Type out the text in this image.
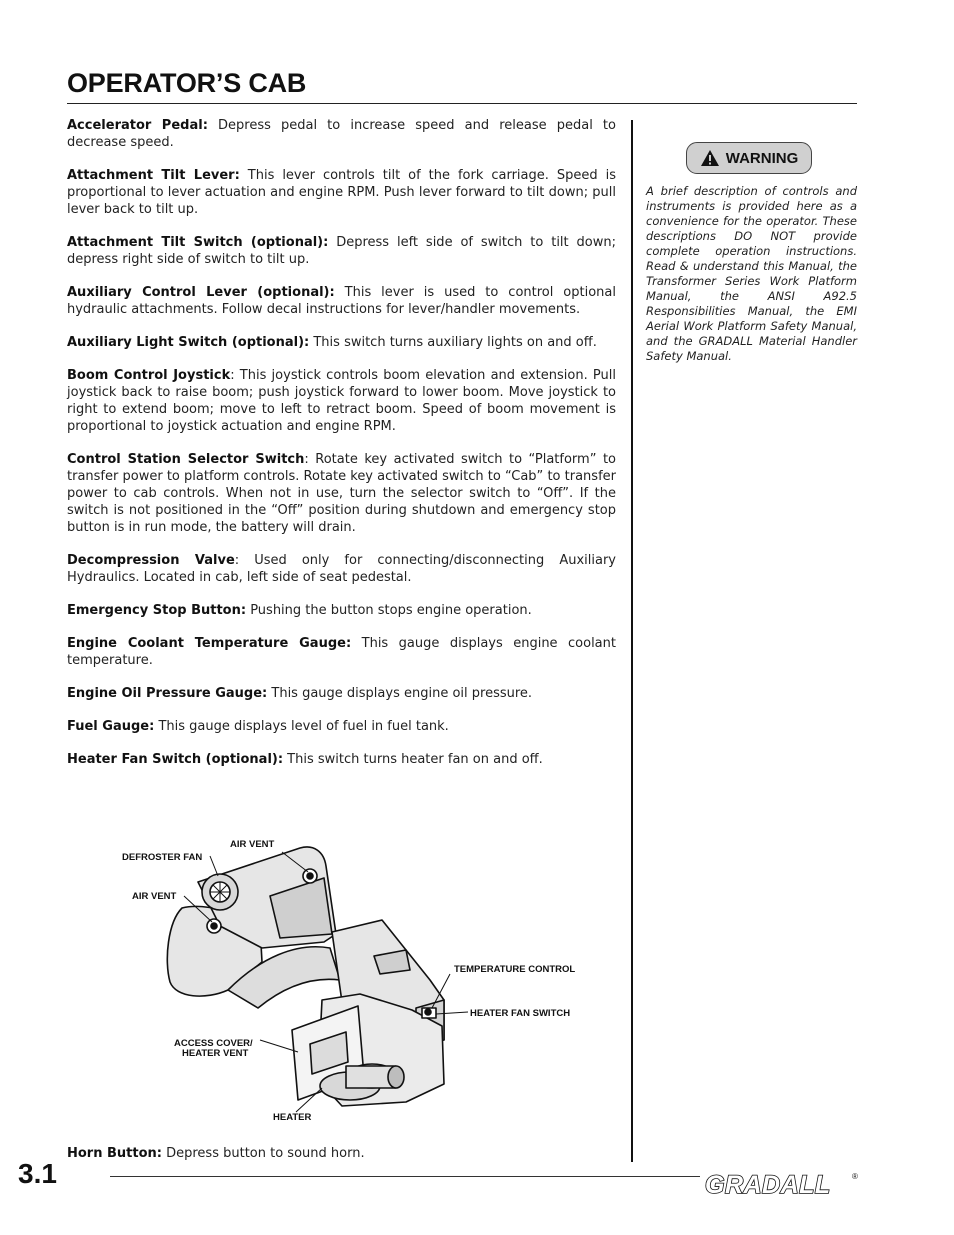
OPERATOR’S CAB

Accelerator Pedal: Depress pedal to increase speed and release pedal to decrease speed.

Attachment Tilt Lever: This lever controls tilt of the fork carriage. Speed is proportional to lever actuation and engine RPM. Push lever forward to tilt down; pull lever back to tilt up.

Attachment Tilt Switch (optional): Depress left side of switch to tilt down; depress right side of switch to tilt up.

Auxiliary Control Lever (optional): This lever is used to control optional hydraulic attachments. Follow decal instructions for lever/handler movements.

Auxiliary Light Switch (optional): This switch turns auxiliary lights on and off.

Boom Control Joystick: This joystick controls boom elevation and extension. Pull joystick back to raise boom; push joystick forward to lower boom. Move joystick to right to extend boom; move to left to retract boom. Speed of boom movement is proportional to joystick actuation and engine RPM.

Control Station Selector Switch: Rotate key activated switch to “Platform” to transfer power to platform controls. Rotate key activated switch to “Cab” to transfer power to cab controls. When not in use, turn the selector switch to “Off”. If the switch is not positioned in the “Off” position during shutdown and emergency stop button is in run mode, the battery will drain.

Decompression Valve: Used only for connecting/disconnecting Auxiliary Hydraulics. Located in cab, left side of seat pedestal.

Emergency Stop Button: Pushing the button stops engine operation.

Engine Coolant Temperature Gauge: This gauge displays engine coolant temperature.

Engine Oil Pressure Gauge: This gauge displays engine oil pressure.

Fuel Gauge: This gauge displays level of fuel in fuel tank.

Heater Fan Switch (optional): This switch turns heater fan on and off.

WARNING

A brief description of controls and instruments is provided here as a convenience for the operator. These descriptions DO NOT provide complete operation instructions. Read & understand this Manual, the Transformer Series Work Platform Manual, the ANSI A92.5 Responsibilities Manual, the EMI Aerial Work Platform Safety Manual, and the GRADALL Material Handler Safety Manual.

AIR VENT
DEFROSTER FAN
AIR VENT
TEMPERATURE CONTROL
HEATER FAN SWITCH
ACCESS COVER/
HEATER VENT
HEATER

Horn Button: Depress button to sound horn.

3.1	GRADALL	®
